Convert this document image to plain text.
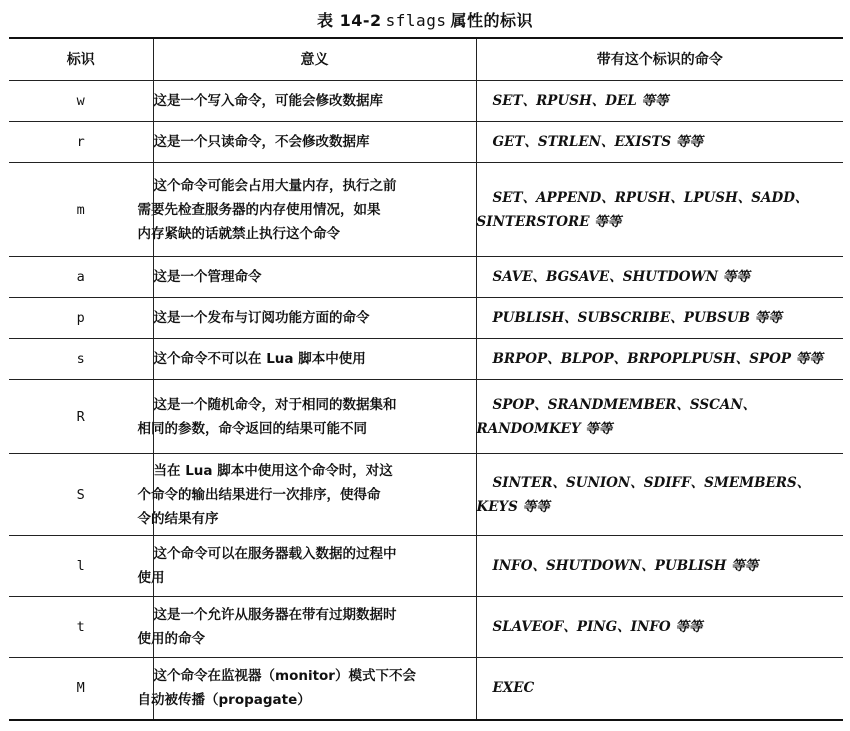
表 14-2 sflags 属性的标识
标识	意义	带有这个标识的命令
w	这是一个写入命令，可能会修改数据库	SET、RPUSH、DEL 等等

r	这是一个只读命令，不会修改数据库	GET、STRLEN、EXISTS 等等

m	这个命令可能会占用大量内存，执行之前
需要先检查服务器的内存使用情况，如果
内存紧缺的话就禁止执行这个命令	SET、APPEND、RPUSH、LPUSH、SADD、
SINTERSTORE 等等

a	这是一个管理命令	SAVE、BGSAVE、SHUTDOWN 等等

p	这是一个发布与订阅功能方面的命令	PUBLISH、SUBSCRIBE、PUBSUB 等等

s	这个命令不可以在 Lua 脚本中使用	BRPOP、BLPOP、BRPOPLPUSH、SPOP 等等

R	这是一个随机命令，对于相同的数据集和
相同的参数，命令返回的结果可能不同	SPOP、SRANDMEMBER、SSCAN、
RANDOMKEY 等等

S	当在 Lua 脚本中使用这个命令时，对这
个命令的输出结果进行一次排序，使得命
令的结果有序	SINTER、SUNION、SDIFF、SMEMBERS、
KEYS 等等

l	这个命令可以在服务器载入数据的过程中
使用	INFO、SHUTDOWN、PUBLISH 等等

t	这是一个允许从服务器在带有过期数据时
使用的命令	SLAVEOF、PING、INFO 等等

M	这个命令在监视器（monitor）模式下不会
自动被传播（propagate）	EXEC
